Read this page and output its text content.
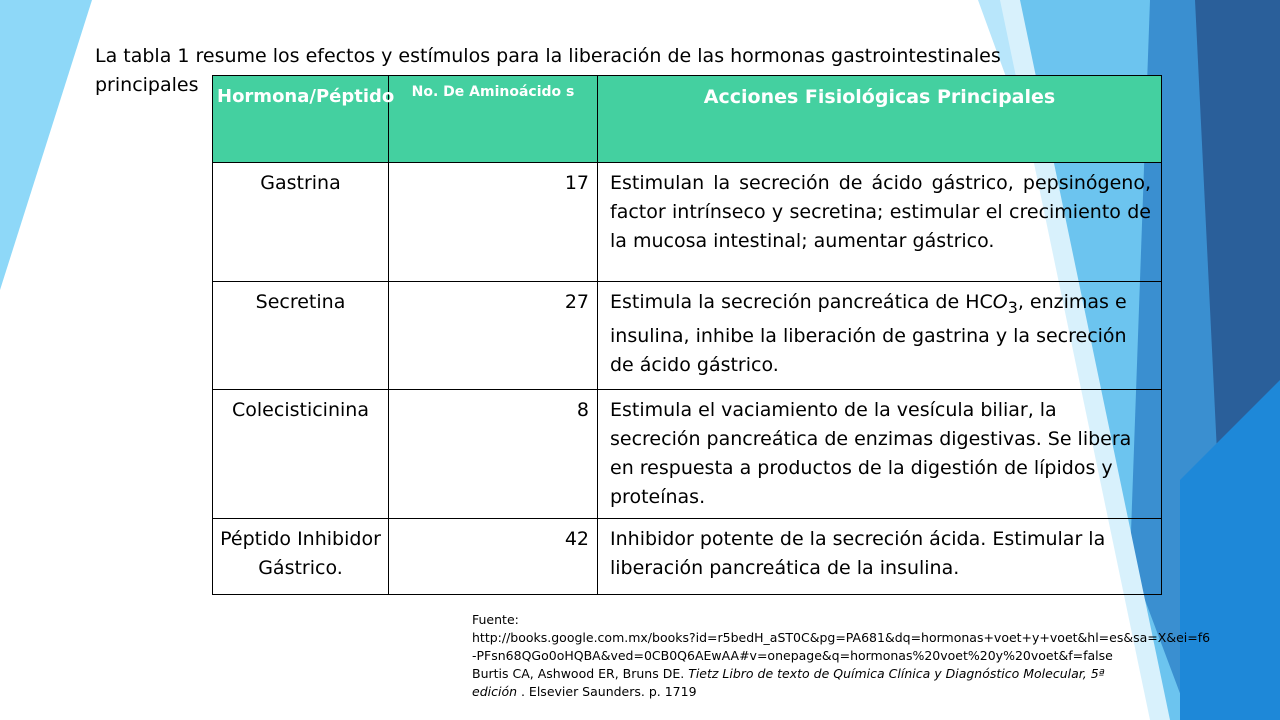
La tabla 1 resume los efectos y estímulos para la liberación de las hormonas gastrointestinales
principales

Hormona/Péptido	No. De Aminoácido s	Acciones Fisiológicas Principales
Gastrina	17	Estimulan la secreción de ácido gástrico, pepsinógeno, factor intrínseco y secretina; estimular el crecimiento de la mucosa intestinal; aumentar gástrico.
Secretina	27	Estimula la secreción pancreática de $HCO_3$, enzimas e insulina, inhibe la liberación de gastrina y la secreción de ácido gástrico.
Colecisticinina	8	Estimula el vaciamiento de la vesícula biliar, la secreción pancreática de enzimas digestivas. Se libera en respuesta a productos de la digestión de lípidos y proteínas.
Péptido Inhibidor Gástrico.	42	Inhibidor potente de la secreción ácida. Estimular la liberación pancreática de la insulina.
Fuente:
http://books.google.com.mx/books?id=r5bedH_aST0C&pg=PA681&dq=hormonas+voet+y+voet&hl=es&sa=X&ei=f6
-PFsn68QGo0oHQBA&ved=0CB0Q6AEwAA#v=onepage&q=hormonas%20voet%20y%20voet&f=false
Burtis CA, Ashwood ER, Bruns DE. Tietz Libro de texto de Química Clínica y Diagnóstico Molecular, 5ª
edición . Elsevier Saunders. p. 1719
